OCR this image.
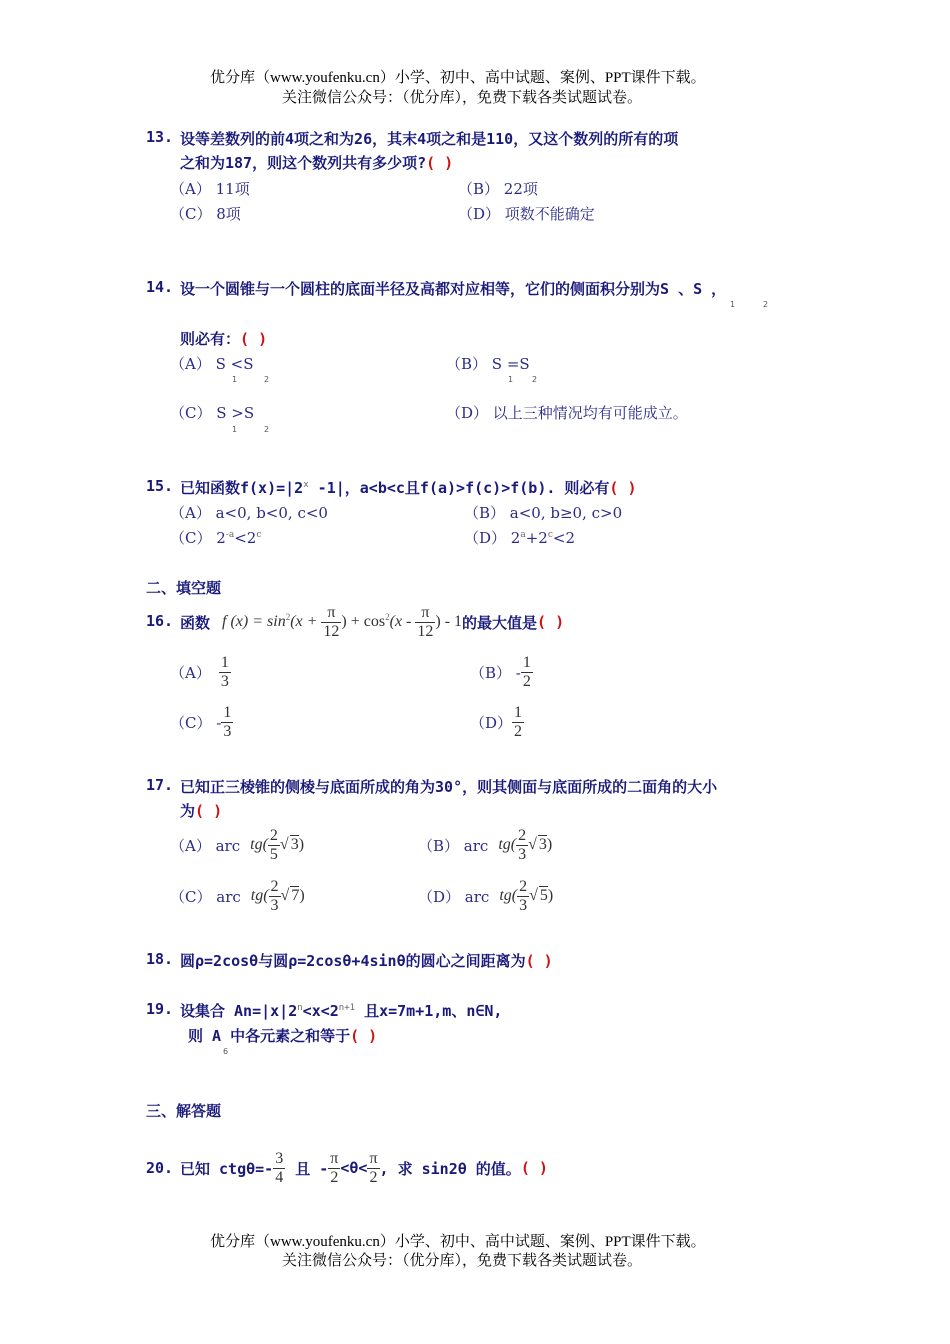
优分库（www.youfenku.cn）小学、初中、高中试题、案例、PPT课件下载。
关注微信公众号：（优分库），免费下载各类试题试卷。
13. 设等差数列的前4项之和为26，其末4项之和是110，又这个数列的所有的项
之和为187，则这个数列共有多少项?( )
（A） 11项	（B） 22项
（C） 8项	（D） 项数不能确定
14. 设一个圆锥与一个圆柱的底面半径及高都对应相等，它们的侧面积分别为S 、S ，
1	2
则必有：( )
（A） S <S
1	2
（B） S =S
1 2
（C） S >S
1	2
（D） 以上三种情况均有可能成立。
15. 已知函数$f(x)=|2^x$ -1|，a<b<c且f(a)>f(c)>f(b). 则必有( )
（A） a<0, b<0, c<0	（B） a<0, b≥0, c>0
（C） $2^{-a}<2^c$	（D） $2^a+2^c<2$
二、填空题
16. 函数 f $(x) = \sin^2(x + \frac{\pi}{12}$ ) + $\cos^2(x - \frac{\pi}{12}$ ) - 1 的最大值是 ( )
$(A) \frac{1}{3}$	$(B) - \frac{1}{2}$
$(C) - \frac{1}{3}$	$(D) \frac{1}{2}$
17. 已知正三棱锥的侧棱与底面所成的角为30°，则其侧面与底面所成的二面角的大小
为( )
（A） arc $tg( \frac{2}{5}$ √ 3)	（B） arc $tg( \frac{2}{3}$ √ 3)
（C） arc $tg( \frac{2}{3}$ √ 7)	（D） arc $tg( \frac{2}{3}$ √ 5)
18. 圆ρ=2cosθ与圆ρ=2cosθ+4sinθ的圆心之间距离为( )
19. 设集合 $An=|x|2^n<x<2^{n+1}$ 且x=7m+1,m、n∈N,
则 A 中各元素之和等于( )
6
三、解答题
20. 已知 $ctg\theta=- \frac{3}{4}$ 且 - $\frac{\pi}{2} <\theta< \frac{\pi}{2}$ , 求 sin2θ 的值。 ( )
优分库（www.youfenku.cn）小学、初中、高中试题、案例、PPT课件下载。
关注微信公众号：（优分库），免费下载各类试题试卷。
